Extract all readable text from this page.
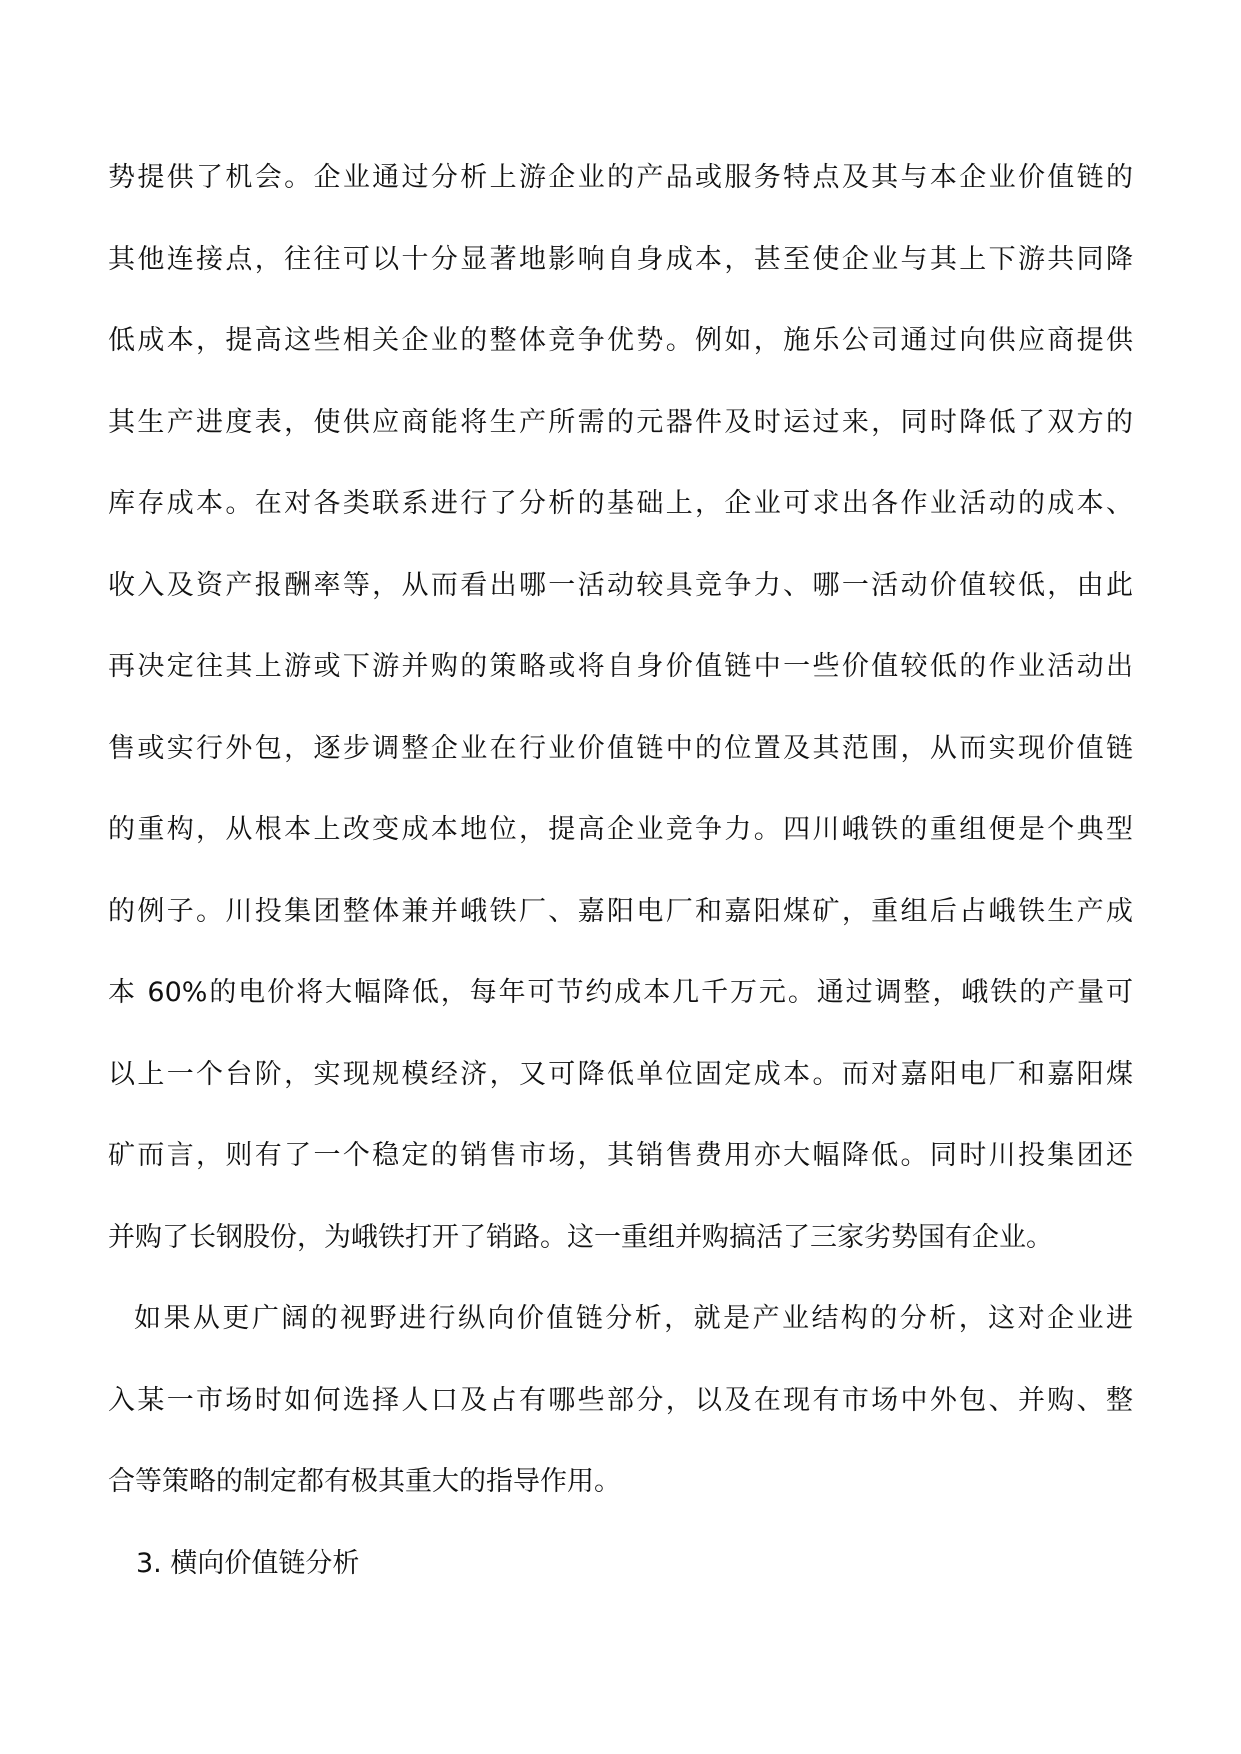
势提供了机会。企业通过分析上游企业的产品或服务特点及其与本企业价值链的
其他连接点，往往可以十分显著地影响自身成本，甚至使企业与其上下游共同降
低成本，提高这些相关企业的整体竞争优势。例如，施乐公司通过向供应商提供
其生产进度表，使供应商能将生产所需的元器件及时运过来，同时降低了双方的
库存成本。在对各类联系进行了分析的基础上，企业可求出各作业活动的成本、
收入及资产报酬率等，从而看出哪一活动较具竞争力、哪一活动价值较低，由此
再决定往其上游或下游并购的策略或将自身价值链中一些价值较低的作业活动出
售或实行外包，逐步调整企业在行业价值链中的位置及其范围，从而实现价值链
的重构，从根本上改变成本地位，提高企业竞争力。四川峨铁的重组便是个典型
的例子。川投集团整体兼并峨铁厂、嘉阳电厂和嘉阳煤矿，重组后占峨铁生产成
本 60%的电价将大幅降低，每年可节约成本几千万元。通过调整，峨铁的产量可
以上一个台阶，实现规模经济，又可降低单位固定成本。而对嘉阳电厂和嘉阳煤
矿而言，则有了一个稳定的销售市场，其销售费用亦大幅降低。同时川投集团还
并购了长钢股份，为峨铁打开了销路。这一重组并购搞活了三家劣势国有企业。
如果从更广阔的视野进行纵向价值链分析，就是产业结构的分析，这对企业进
入某一市场时如何选择人口及占有哪些部分，以及在现有市场中外包、并购、整
合等策略的制定都有极其重大的指导作用。
3. 横向价值链分析
